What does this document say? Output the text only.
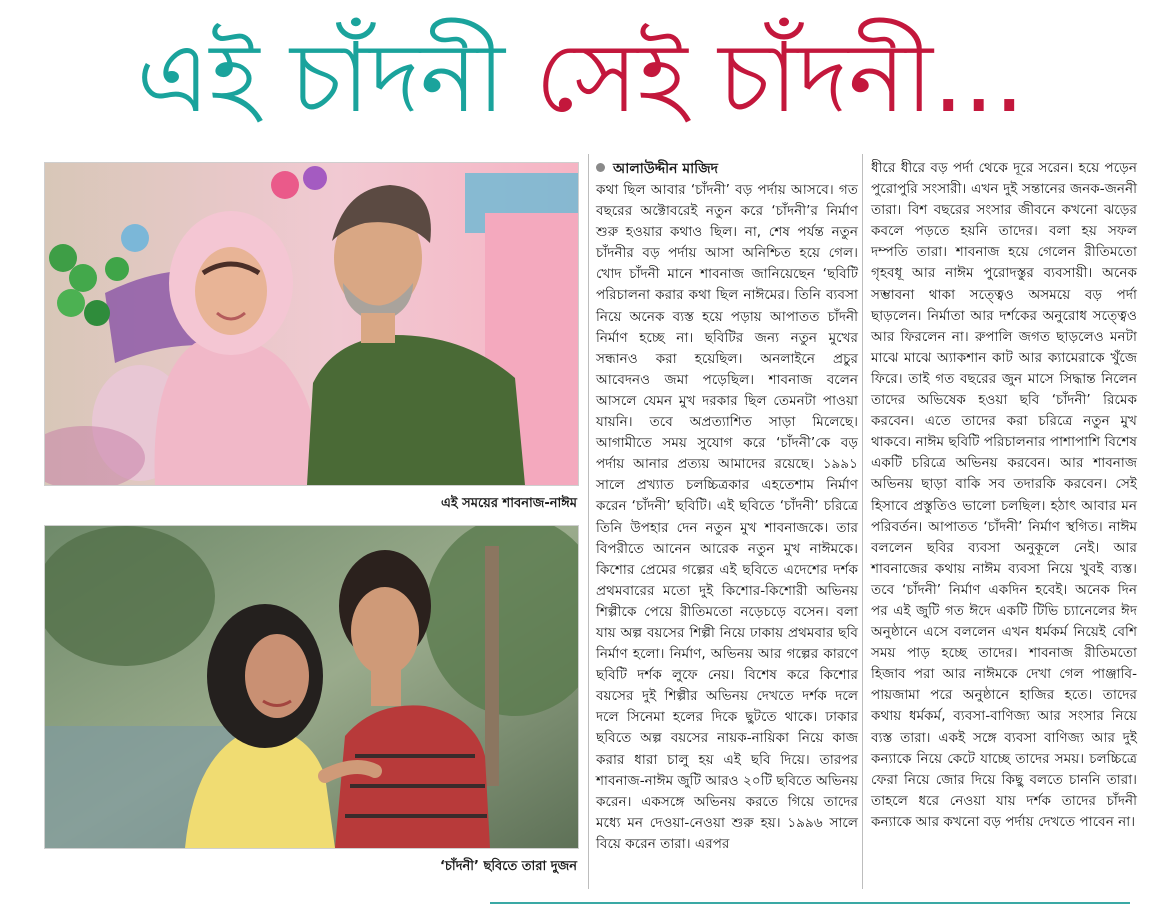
এই চাঁদনী সেই চাঁদনী...
এই সময়ের শাবনাজ-নাঈম
‘চাঁদনী’ ছবিতে তারা দুজন
আলাউদ্দীন মাজিদ

কথা ছিল আবার ‘চাঁদনী’ বড় পর্দায় আসবে। গত বছরের অক্টোবরেই নতুন করে ‘চাঁদনী’র নির্মাণ শুরু হওয়ার কথাও ছিল। না, শেষ পর্যন্ত নতুন চাঁদনীর বড় পর্দায় আসা অনিশ্চিত হয়ে গেল। খোদ চাঁদনী মানে শাবনাজ জানিয়েছেন ‘ছবিটি পরিচালনা করার কথা ছিল নাঈমের। তিনি ব্যবসা নিয়ে অনেক ব্যস্ত হয়ে পড়ায় আপাতত চাঁদনী নির্মাণ হচ্ছে না। ছবিটির জন্য নতুন মুখের সন্ধানও করা হয়েছিল। অনলাইনে প্রচুর আবেদনও জমা পড়েছিল। শাবনাজ বলেন আসলে যেমন মুখ দরকার ছিল তেমনটা পাওয়া যায়নি। তবে অপ্রত্যাশিত সাড়া মিলেছে। আগামীতে সময় সুযোগ করে ‘চাঁদনী’কে বড় পর্দায় আনার প্রত্যয় আমাদের রয়েছে। ১৯৯১ সালে প্রখ্যাত চলচ্চিত্রকার এহতেশাম নির্মাণ করেন ‘চাঁদনী’ ছবিটি। এই ছবিতে ‘চাঁদনী’ চরিত্রে তিনি উপহার দেন নতুন মুখ শাবনাজকে। তার বিপরীতে আনেন আরেক নতুন মুখ নাঈমকে। কিশোর প্রেমের গল্পের এই ছবিতে এদেশের দর্শক প্রথমবারের মতো দুই কিশোর-কিশোরী অভিনয় শিল্পীকে পেয়ে রীতিমতো নড়েচড়ে বসেন। বলা যায় অল্প বয়সের শিল্পী নিয়ে ঢাকায় প্রথমবার ছবি নির্মাণ হলো। নির্মাণ, অভিনয় আর গল্পের কারণে ছবিটি দর্শক লুফে নেয়। বিশেষ করে কিশোর বয়সের দুই শিল্পীর অভিনয় দেখতে দর্শক দলে দলে সিনেমা হলের দিকে ছুটতে থাকে। ঢাকার ছবিতে অল্প বয়সের নায়ক-নায়িকা নিয়ে কাজ করার ধারা চালু হয় এই ছবি দিয়ে। তারপর শাবনাজ-নাঈম জুটি আরও ২০টি ছবিতে অভিনয় করেন। একসঙ্গে অভিনয় করতে গিয়ে তাদের মধ্যে মন দেওয়া-নেওয়া শুরু হয়। ১৯৯৬ সালে বিয়ে করেন তারা। এরপর

ধীরে ধীরে বড় পর্দা থেকে দূরে সরেন। হয়ে পড়েন পুরোপুরি সংসারী। এখন দুই সন্তানের জনক-জননী তারা। বিশ বছরের সংসার জীবনে কখনো ঝড়ের কবলে পড়তে হয়নি তাদের। বলা হয় সফল দম্পতি তারা। শাবনাজ হয়ে গেলেন রীতিমতো গৃহবধূ আর নাঈম পুরোদস্তুর ব্যবসায়ী। অনেক সম্ভাবনা থাকা সত্ত্বেও অসময়ে বড় পর্দা ছাড়লেন। নির্মাতা আর দর্শকের অনুরোধ সত্ত্বেও আর ফিরলেন না। রুপালি জগত ছাড়লেও মনটা মাঝে মাঝে অ্যাকশান কাট আর ক্যামেরাকে খুঁজে ফিরে। তাই গত বছরের জুন মাসে সিদ্ধান্ত নিলেন তাদের অভিষেক হওয়া ছবি ‘চাঁদনী’ রিমেক করবেন। এতে তাদের করা চরিত্রে নতুন মুখ থাকবে। নাঈম ছবিটি পরিচালনার পাশাপাশি বিশেষ একটি চরিত্রে অভিনয় করবেন। আর শাবনাজ অভিনয় ছাড়া বাকি সব তদারকি করবেন। সেই হিসাবে প্রস্তুতিও ভালো চলছিল। হঠাৎ আবার মন পরিবর্তন। আপাতত ‘চাঁদনী’ নির্মাণ স্থগিত। নাঈম বললেন ছবির ব্যবসা অনুকূলে নেই। আর শাবনাজের কথায় নাঈম ব্যবসা নিয়ে খুবই ব্যস্ত। তবে ‘চাঁদনী’ নির্মাণ একদিন হবেই। অনেক দিন পর এই জুটি গত ঈদে একটি টিভি চ্যানেলের ঈদ অনুষ্ঠানে এসে বললেন এখন ধর্মকর্ম নিয়েই বেশি সময় পাড় হচ্ছে তাদের। শাবনাজ রীতিমতো হিজাব পরা আর নাঈমকে দেখা গেল পাঞ্জাবি-পায়জামা পরে অনুষ্ঠানে হাজির হতে। তাদের কথায় ধর্মকর্ম, ব্যবসা-বাণিজ্য আর সংসার নিয়ে ব্যস্ত তারা। একই সঙ্গে ব্যবসা বাণিজ্য আর দুই কন্যাকে নিয়ে কেটে যাচ্ছে তাদের সময়। চলচ্চিত্রে ফেরা নিয়ে জোর দিয়ে কিছু বলতে চাননি তারা। তাহলে ধরে নেওয়া যায় দর্শক তাদের চাঁদনী কন্যাকে আর কখনো বড় পর্দায় দেখতে পাবেন না।
